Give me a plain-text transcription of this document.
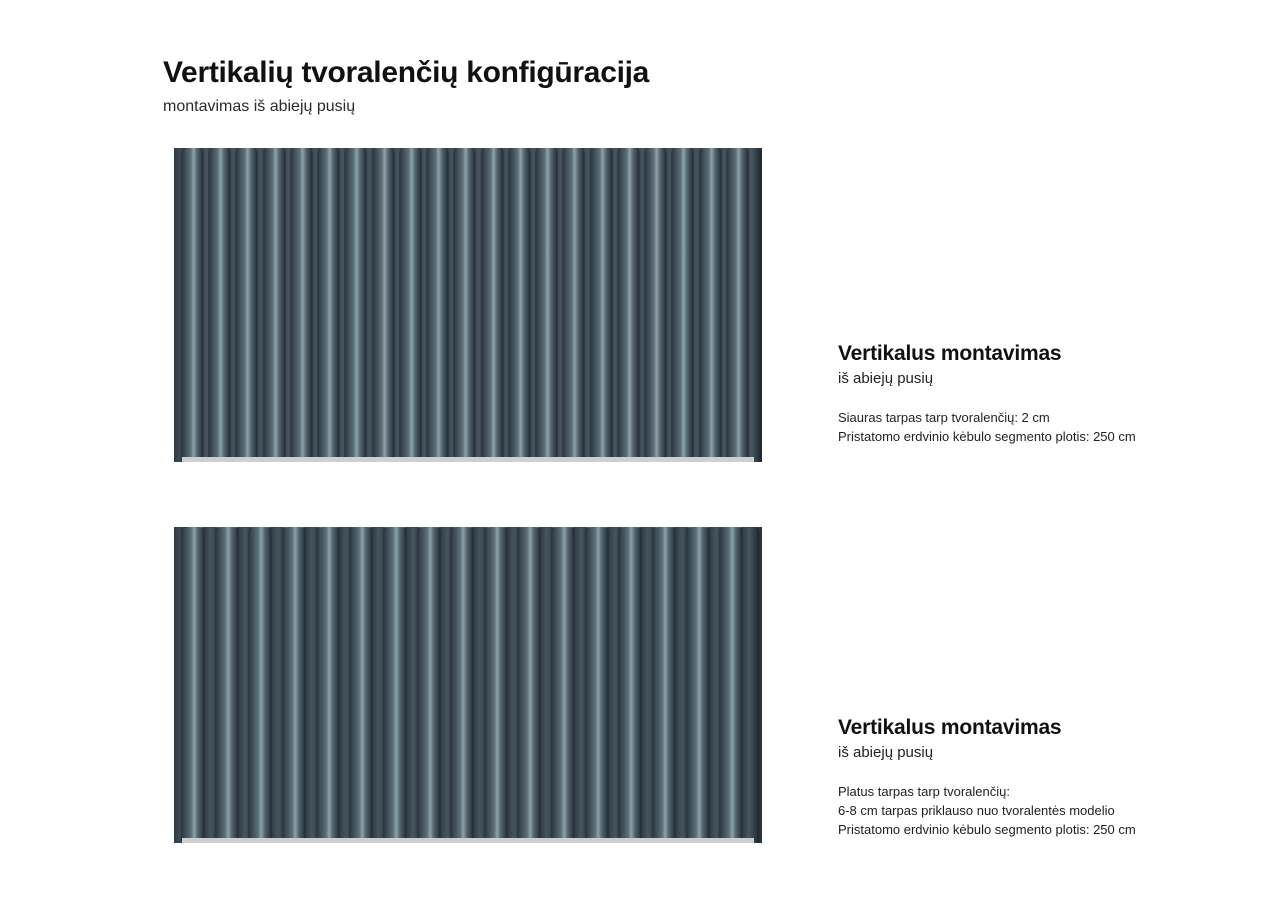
Vertikalių tvoralenčių konfigūracija

montavimas iš abiejų pusių

Vertikalus montavimas

iš abiejų pusių

Siauras tarpas tarp tvoralenčių: 2 cm
Pristatomo erdvinio kėbulo segmento plotis: 250 cm
Vertikalus montavimas

iš abiejų pusių

Platus tarpas tarp tvoralenčių:
6-8 cm tarpas priklauso nuo tvoralentės modelio
Pristatomo erdvinio kėbulo segmento plotis: 250 cm
